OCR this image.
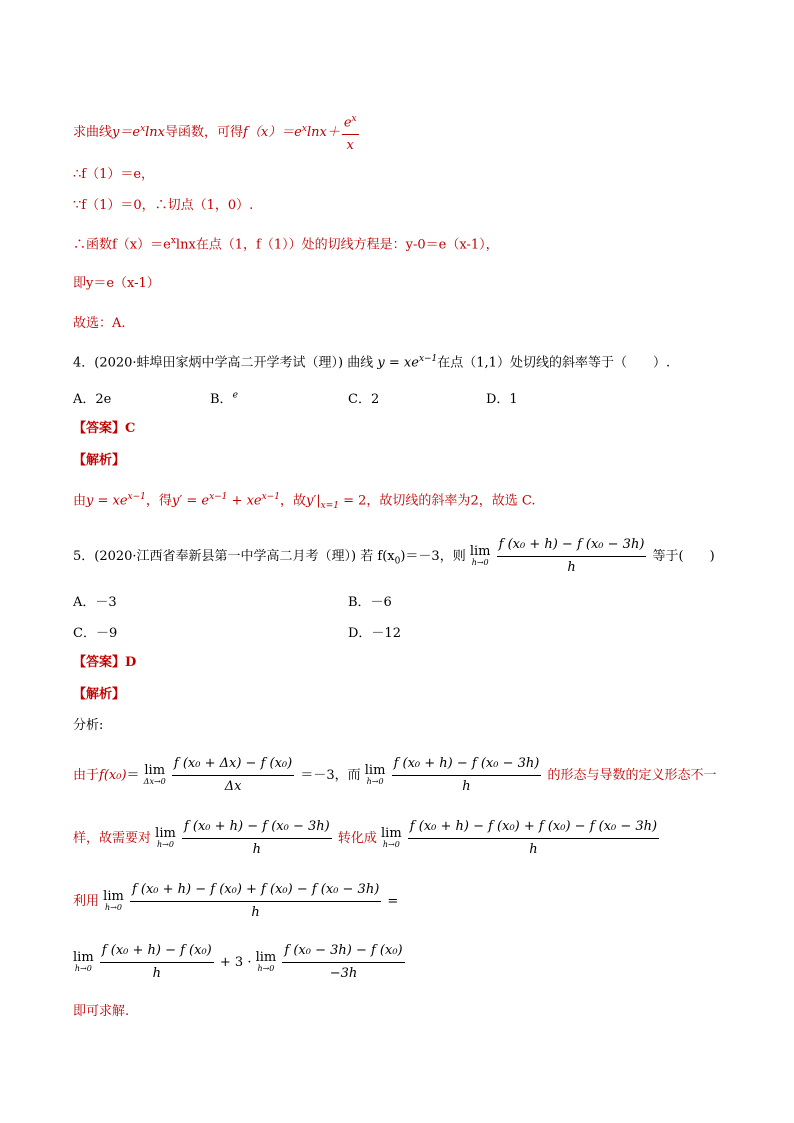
求曲线$y=e^x\ln x$导函数，可得$f(x)=e^x\ln x+ \frac{e^x}{x}$
∴f（1）＝e，
∵f（1）＝0，∴切点（1，0）.
∴函数$f(x)=e^x\ln x$在点（1，f（1））处的切线方程是：y-0＝e（x-1），
即y＝e（x-1）
故选：A.
4．(2020·蚌埠田家炳中学高二开学考试（理）) 曲线 $y = xe^{x-1}$在点（1,1）处切线的斜率等于（　　）.
A．2e	B．$^e$	C．2	D．1
【答案】C
【解析】
由$y = xe^{x-1}$，得$y' = e^{x-1} + xe^{x-1}$，故$y'|_{x=1} = 2$，故切线的斜率为2，故选 C.
5．(2020·江西省奉新县第一中学高二月考（理）) 若 $f(x_0)=-3$，则 lim
h→0
$\frac{\text{f (x₀ + h) − f (x₀ − 3h)}}{h}$ 等于(　　)
A．－3	B．－6
C．－9	D．－12
【答案】D
【解析】
分析:
由于f(x₀)＝ lim
Δx→0
$\frac{\text{f (x₀ + Δx) − f (x₀)}}{\Delta x} =-3$，而 lim
h→0
$\frac{\text{f (x₀ + h) − f (x₀ − 3h)}}{h}$ 的形态与导数的定义形态不一
样，故需要对 lim
h→0
$\frac{\text{f (x₀ + h) − f (x₀ − 3h)}}{h}$ 转化成 lim
h→0
$\frac{\text{f (x₀ + h) − f (x₀) + f (x₀) − f (x₀ − 3h)}}{h}$
利用 lim
h→0
$\frac{\text{f (x₀ + h) − f (x₀) + f (x₀) − f (x₀ − 3h)}}{h}$ =
lim
h→0
$\frac{\text{f (x₀ + h) − f (x₀)}}{h} + 3 \cdot \lim$
h→0
$\frac{\text{f (x₀ − 3h) − f (x₀)}}{-3h}$
即可求解.
